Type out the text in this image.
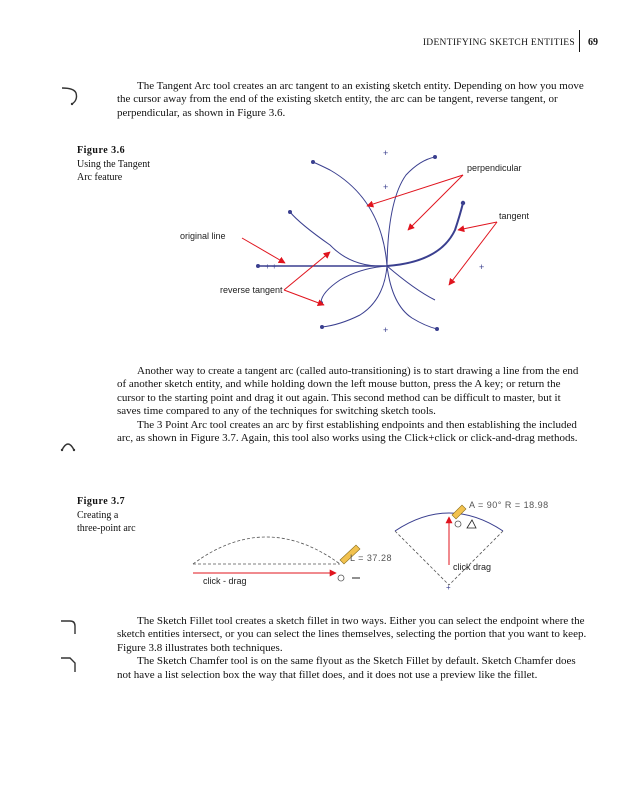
IDENTIFYING SKETCH ENTITIES 69

The Tangent Arc tool creates an arc tangent to an existing sketch entity. Depending on how you move the cursor away from the end of the existing sketch entity, the arc can be tangent, reverse tangent, or perpendicular, as shown in Figure 3.6.

Figure 3.6
Using the Tangent
Arc feature
+ +
+
+
+
+
perpendicular
tangent
original line
reverse tangent

Another way to create a tangent arc (called auto-transitioning) is to start drawing a line from the end of another sketch entity, and while holding down the left mouse button, press the A key; or return the cursor to the starting point and drag it out again. This second method can be difficult to master, but it saves time compared to any of the techniques for switching sketch tools.

The 3 Point Arc tool creates an arc by first establishing endpoints and then establishing the included arc, as shown in Figure 3.7. Again, this tool also works using the Click+click or click-and-drag methods.

Figure 3.7
Creating a
three-point arc
+
click - drag
L = 37.28
A = 90° R = 18.98
click drag

The Sketch Fillet tool creates a sketch fillet in two ways. Either you can select the endpoint where the sketch entities intersect, or you can select the lines themselves, selecting the portion that you want to keep. Figure 3.8 illustrates both techniques.

The Sketch Chamfer tool is on the same flyout as the Sketch Fillet by default. Sketch Chamfer does not have a list selection box the way that fillet does, and it does not use a preview like the fillet.
